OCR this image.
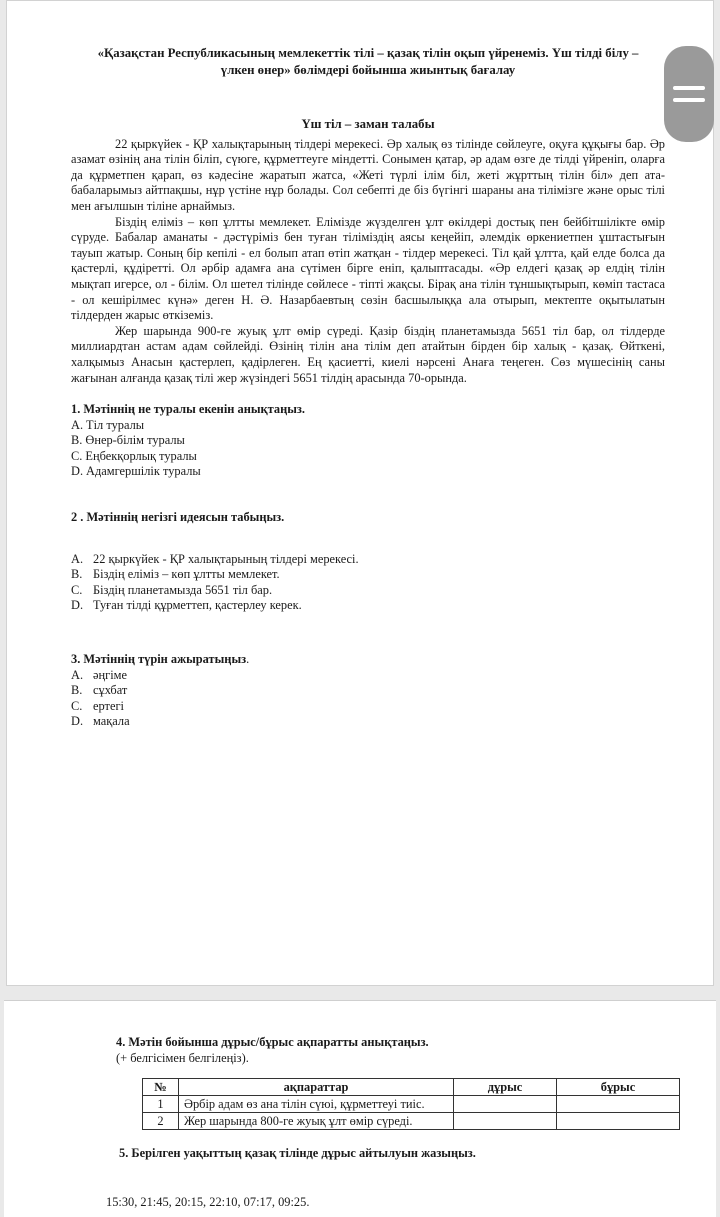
«Қазақстан Республикасының мемлекеттік тілі – қазақ тілін оқып үйренеміз. Үш тілді білу –
үлкен өнер» бөлімдері бойынша жиынтық бағалау

Үш тіл – заман талабы

22 қыркүйек - ҚР халықтарының тілдері мерекесі. Әр халық өз тілінде сөйлеуге, оқуға құқығы бар. Әр азамат өзінің ана тілін біліп, сүюге, құрметтеуге міндетті. Сонымен қатар, әр адам өзге де тілді үйреніп, оларға да құрметпен қарап, өз кәдесіне жаратып жатса, «Жеті түрлі ілім біл, жеті жұрттың тілін біл» деп ата-бабаларымыз айтпақшы, нұр үстіне нұр болады. Сол себепті де біз бүгінгі шараны ана тілімізге және орыс тілі мен ағылшын тіліне арнаймыз.

Біздің еліміз – көп ұлтты мемлекет. Елімізде жүзделген ұлт өкілдері достық пен бейбітшілікте өмір сүруде. Бабалар аманаты - дәстүріміз бен туған тіліміздің аясы кеңейіп, әлемдік өркениетпен ұштастығын тауып жатыр. Соның бір кепілі - ел болып атап өтіп жатқан - тілдер мерекесі. Тіл қай ұлтта, қай елде болса да қастерлі, құдіретті. Ол әрбір адамға ана сүтімен бірге еніп, қалыптасады. «Әр елдегі қазақ әр елдің тілін мықтап игерсе, ол - білім. Ол шетел тілінде сөйлесе - тіпті жақсы. Бірақ ана тілін тұншықтырып, көміп тастаса - ол кешірілмес күнә» деген Н. Ә. Назарбаевтың сөзін басшылыққа ала отырып, мектепте оқытылатын тілдерден жарыс өткіземіз.

Жер шарында 900-ге жуық ұлт өмір сүреді. Қазір біздің планетамызда 5651 тіл бар, ол тілдерде миллиардтан астам адам сөйлейді. Өзінің тілін ана тілім деп атайтын бірден бір халық - қазақ. Өйткені, халқымыз Анасын қастерлеп, қадірлеген. Ең қасиетті, киелі нәрсені Анаға теңеген. Сөз мүшесінің саны жағынан алғанда қазақ тілі жер жүзіндегі 5651 тілдің арасында 70-орында.

1. Мәтіннің не туралы екенін анықтаңыз.

A. Тіл туралы
B. Өнер-білім туралы
C. Еңбекқорлық туралы
D. Адамгершілік туралы

2 . Мәтіннің негізгі идеясын табыңыз.

A. 22 қыркүйек - ҚР халықтарының тілдері мерекесі.
B. Біздің еліміз – көп ұлтты мемлекет.
C. Біздің планетамызда 5651 тіл бар.
D. Туған тілді құрметтеп, қастерлеу керек.

3. Мәтіннің түрін ажыратыңыз.

A. әңгіме
B. сұхбат
C. ертегі
D. мақала

4. Мәтін бойынша дұрыс/бұрыс ақпаратты анықтаңыз.

(+ белгісімен белгілеңіз).

№	ақпараттар	дұрыс	бұрыс
1	Әрбір адам өз ана тілін сүюі, құрметтеуі тиіс.		
2	Жер шарында 800-ге жуық ұлт өмір сүреді.		

5. Берілген уақыттың қазақ тілінде дұрыс айтылуын жазыңыз.

15:30, 21:45, 20:15, 22:10, 07:17, 09:25.
